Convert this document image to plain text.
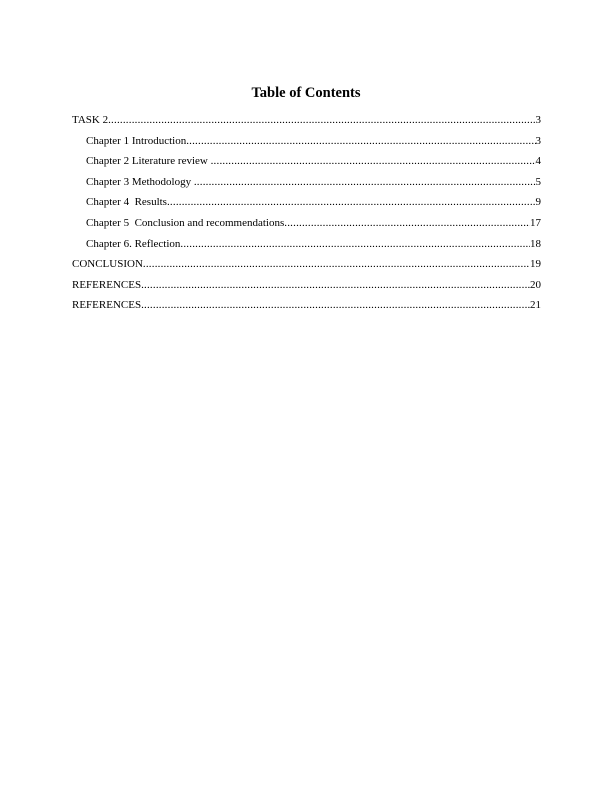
Table of Contents
TASK 2 .....	3
Chapter 1 Introduction .....	3
Chapter 2 Literature review .....	4
Chapter 3 Methodology .....	5
Chapter 4  Results .....	9
Chapter 5  Conclusion and recommendations .....	17
Chapter 6. Reflection .....	18
CONCLUSION .....	19
REFERENCES .....	20
REFERENCES .....	21
